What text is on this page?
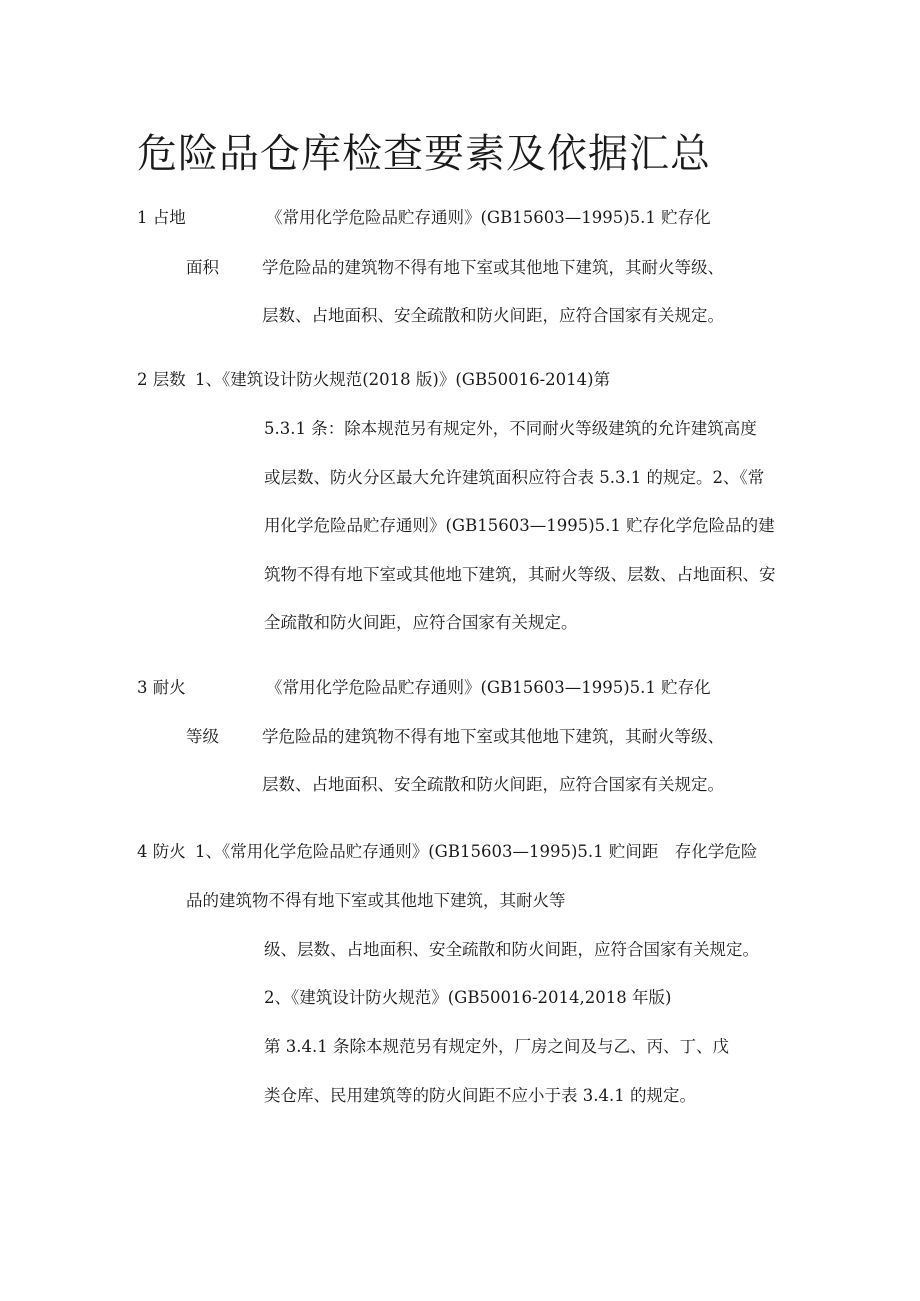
危险品仓库检查要素及依据汇总
1 占地
面积
《常用化学危险品贮存通则》(GB15603—1995)5.1 贮存化
学危险品的建筑物不得有地下室或其他地下建筑，其耐火等级、
层数、占地面积、安全疏散和防火间距，应符合国家有关规定。
2 层数 1、《建筑设计防火规范(2018 版)》(GB50016-2014)第
5.3.1 条：除本规范另有规定外，不同耐火等级建筑的允许建筑高度
或层数、防火分区最大允许建筑面积应符合表 5.3.1 的规定。2、《常
用化学危险品贮存通则》(GB15603—1995)5.1 贮存化学危险品的建
筑物不得有地下室或其他地下建筑，其耐火等级、层数、占地面积、安
全疏散和防火间距，应符合国家有关规定。
3 耐火
等级
《常用化学危险品贮存通则》(GB15603—1995)5.1 贮存化
学危险品的建筑物不得有地下室或其他地下建筑，其耐火等级、
层数、占地面积、安全疏散和防火间距，应符合国家有关规定。
4 防火 1、《常用化学危险品贮存通则》(GB15603—1995)5.1 贮间距　存化学危险
品的建筑物不得有地下室或其他地下建筑，其耐火等
级、层数、占地面积、安全疏散和防火间距，应符合国家有关规定。
2、《建筑设计防火规范》(GB50016-2014,2018 年版)
第 3.4.1 条除本规范另有规定外，厂房之间及与乙、丙、丁、戊
类仓库、民用建筑等的防火间距不应小于表 3.4.1 的规定。
